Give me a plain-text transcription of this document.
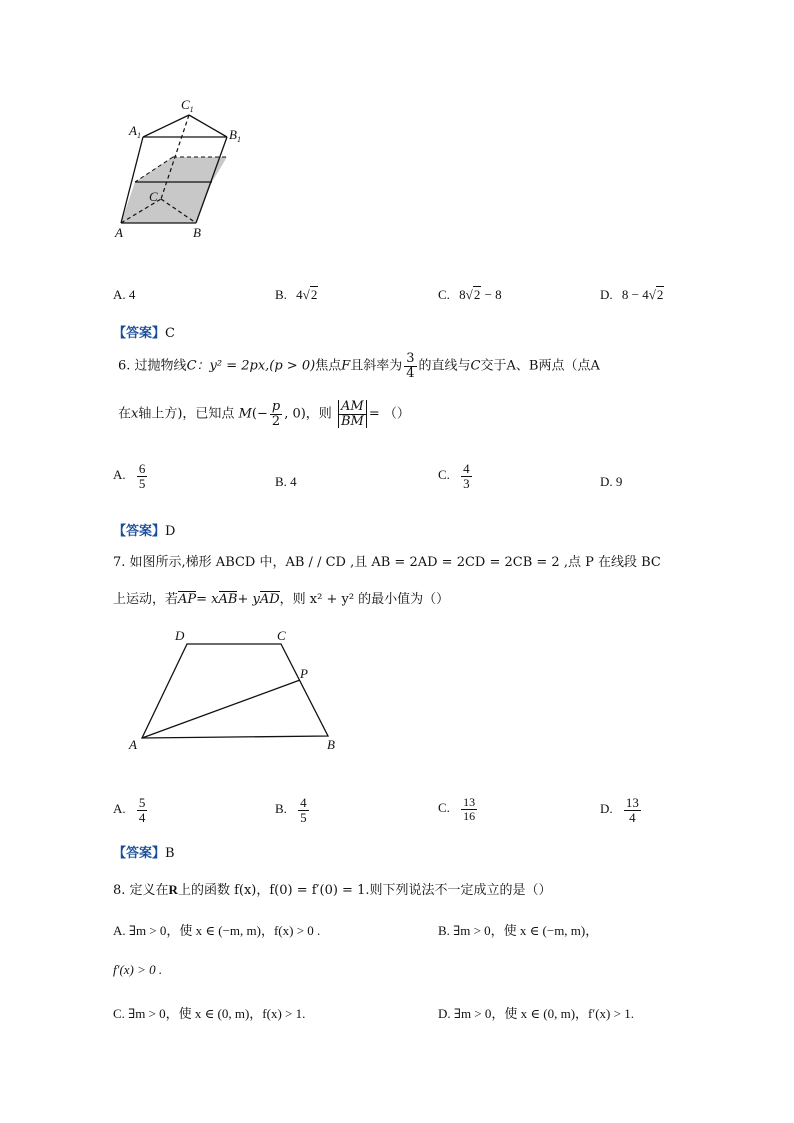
$C_1$
$A_1$	$B_1$
C
A	B
A. 4	B. 4√2	C. 8√2 − 8	D. 8 − 4√2
【答案】C
6. 过抛物线C：y² = 2px,(p > 0)焦点F且斜率为 $\frac{3}{4}$ 的直线与C交于A、B两点（点A
在x轴上方)，已知点 $M(- \frac{p}{2}$ , 0)，则 $\frac{AM}{BM}$ = （）
A. $\frac{6}{5}$	B. 4	C. $\frac{4}{3}$	D. 9
【答案】D
7. 如图所示,梯形 ABCD 中，AB / / CD ,且 AB = 2AD = 2CD = 2CB = 2 ,点 P 在线段 BC
上运动，若AP= xAB+ yAD，则 x² + y² 的最小值为（）
D	C
P
A	B
A. $\frac{5}{4}$	B. $\frac{4}{5}$	C. $\frac{13}{16}$	D. $\frac{13}{4}$
【答案】B
8. 定义在R上的函数 f(x)，f(0) = f′(0) = 1.则下列说法不一定成立的是（）
A. ∃m > 0，使 x ∈ (−m, m)，f(x) > 0 .	B. ∃m > 0，使 x ∈ (−m, m)，
f′(x) > 0 .
C. ∃m > 0，使 x ∈ (0, m)，f(x) > 1.	D. ∃m > 0，使 x ∈ (0, m)，f′(x) > 1.
